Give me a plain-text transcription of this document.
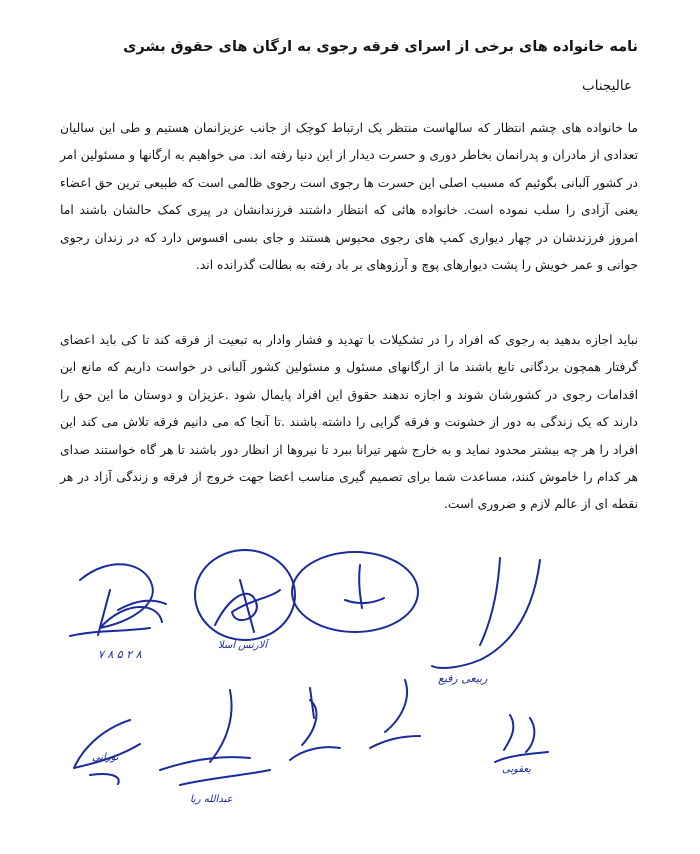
نامه خانواده های برخی از اسرای فرقه رجوی به ارگان های حقوق بشری
عالیجناب
ما خانواده های چشم انتظار که سالهاست منتظر یک ارتباط کوچک از جانب عزیزانمان هستیم و طی این سالیان تعدادی از مادران و پدرانمان بخاطر دوری و حسرت دیدار از این دنیا رفته اند. می خواهیم به ارگانها و مسئولین امر در کشور آلبانی بگوئیم که مسبب اصلی این حسرت ها رجوی است رجوی ظالمی است که طبیعی ترین حق اعضاء یعنی آزادی را سلب نموده است. خانواده هائی که انتظار داشتند فرزندانشان در پیری کمک حالشان باشند اما امروز فرزندشان در چهار دیواری کمپ های رجوی محبوس هستند و جای بسی افسوس دارد که در زندان رجوی جوانی و عمر خویش را پشت دیوارهای پوچ و آرزوهای بر باد رفته به بطالت گذرانده اند.
نباید اجازه بدهید به رجوی که افراد را در تشکیلات با تهدید و فشار وادار به تبعیت از فرقه کند تا کی باید اعضای گرفتار همچون بردگانی تابع باشند ما از ارگانهای مسئول و مسئولین کشور آلبانی در خواست داریم که مانع این اقدامات رجوی در کشورشان شوند و اجازه ندهند حقوق این افراد پایمال شود .عزیزان و دوستان ما این حق را دارند که یک زندگی به دور از خشونت و فرقه گرایی را داشته باشند .تا آنجا که می دانیم فرقه تلاش می کند این افراد را هر چه بیشتر محدود نماید و به خارج شهر تیرانا ببرد تا نیروها از انظار دور باشند تا هر گاه خواستند صدای هر کدام را خاموش کنند، مساعدت شما برای تصمیم گیری مناسب اعضا جهت خروج از فرقه و زندگی آزاد در هر نقطه ای از عالم لازم و ضروری است.
۷ ۸ ۵ ۲ ۸
آلارنس اسلا
ربیعی رفیع
نورانی
عبدالله ریا
یعقوبی
